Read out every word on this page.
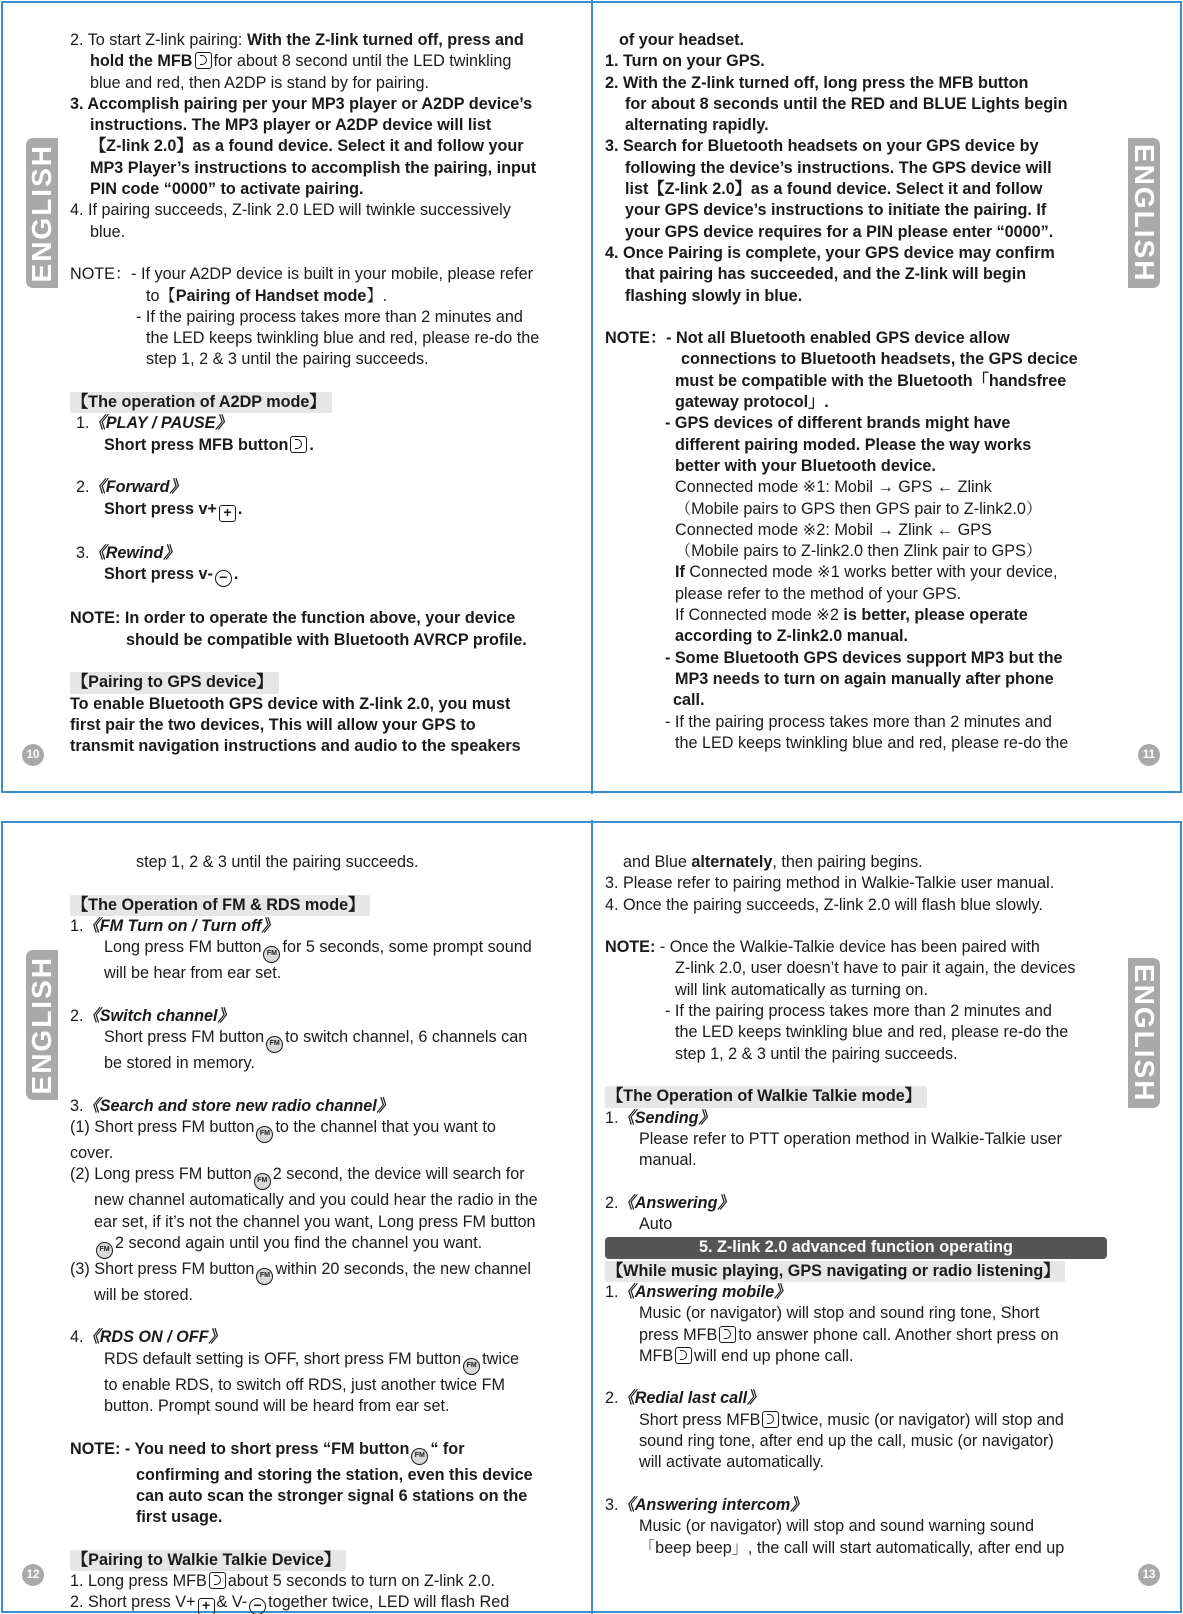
ENGLISH
10
2. To start Z-link pairing: With the Z-link turned off, press and
hold the MFB for about 8 second until the LED twinkling
blue and red, then A2DP is stand by for pairing.
3. Accomplish pairing per your MP3 player or A2DP device’s
instructions. The MP3 player or A2DP device will list
【Z-link 2.0】as a found device. Select it and follow your
MP3 Player’s instructions to accomplish the pairing, input
PIN code “0000” to activate pairing.
4. If pairing succeeds, Z-link 2.0 LED will twinkle successively
blue.
NOTE：- If your A2DP device is built in your mobile, please refer
to【Pairing of Handset mode】.
- If the pairing process takes more than 2 minutes and
the LED keeps twinkling blue and red, please re-do the
step 1, 2 & 3 until the pairing succeeds.
【The operation of A2DP mode】
1.《PLAY / PAUSE》
Short press MFB button .
2.《Forward》
Short press v+ + .
3.《Rewind》
Short press v- − .
NOTE: In order to operate the function above, your device
should be compatible with Bluetooth AVRCP profile.
【Pairing to GPS device】
To enable Bluetooth GPS device with Z-link 2.0, you must
first pair the two devices, This will allow your GPS to
transmit navigation instructions and audio to the speakers
ENGLISH
11
of your headset.
1. Turn on your GPS.
2. With the Z-link turned off, long press the MFB button
for about 8 seconds until the RED and BLUE Lights begin
alternating rapidly.
3. Search for Bluetooth headsets on your GPS device by
following the device’s instructions. The GPS device will
list【Z-link 2.0】as a found device. Select it and follow
your GPS device’s instructions to initiate the pairing. If
your GPS device requires for a PIN please enter “0000”.
4. Once Pairing is complete, your GPS device may confirm
that pairing has succeeded, and the Z-link will begin
flashing slowly in blue.
NOTE：- Not all Bluetooth enabled GPS device allow
connections to Bluetooth headsets, the GPS decice
must be compatible with the Bluetooth「handsfree
gateway protocol」.
- GPS devices of different brands might have
different pairing moded. Please the way works
better with your Bluetooth device.
Connected mode ※1: Mobil → GPS ← Zlink
（Mobile pairs to GPS then GPS pair to Z-link2.0）
Connected mode ※2: Mobil → Zlink ← GPS
（Mobile pairs to Z-link2.0 then Zlink pair to GPS）
If Connected mode ※1 works better with your device,
please refer to the method of your GPS.
If Connected mode ※2 is better, please operate
according to Z-link2.0 manual.
- Some Bluetooth GPS devices support MP3 but the
MP3 needs to turn on again manually after phone
call.
- If the pairing process takes more than 2 minutes and
the LED keeps twinkling blue and red, please re-do the
ENGLISH
12
step 1, 2 & 3 until the pairing succeeds.
【The Operation of FM & RDS mode】
1.《FM Turn on / Turn off》
Long press FM button FM for 5 seconds, some prompt sound
will be hear from ear set.
2.《Switch channel》
Short press FM button FM to switch channel, 6 channels can
be stored in memory.
3.《Search and store new radio channel》
(1) Short press FM button FM to the channel that you want to
cover.
(2) Long press FM button FM 2 second, the device will search for
new channel automatically and you could hear the radio in the
ear set, if it’s not the channel you want, Long press FM button
FM 2 second again until you find the channel you want.
(3) Short press FM button FM within 20 seconds, the new channel
will be stored.
4.《RDS ON / OFF》
RDS default setting is OFF, short press FM button FM twice
to enable RDS, to switch off RDS, just another twice FM
button. Prompt sound will be heard from ear set.
NOTE: - You need to short press “FM button FM “ for
confirming and storing the station, even this device
can auto scan the stronger signal 6 stations on the
first usage.
【Pairing to Walkie Talkie Device】
1. Long press MFB about 5 seconds to turn on Z-link 2.0.
2. Short press V+ + & V- − together twice, LED will flash Red
ENGLISH
13
and Blue alternately, then pairing begins.
3. Please refer to pairing method in Walkie-Talkie user manual.
4. Once the pairing succeeds, Z-link 2.0 will flash blue slowly.
NOTE: - Once the Walkie-Talkie device has been paired with
Z-link 2.0, user doesn’t have to pair it again, the devices
will link automatically as turning on.
- If the pairing process takes more than 2 minutes and
the LED keeps twinkling blue and red, please re-do the
step 1, 2 & 3 until the pairing succeeds.
【The Operation of Walkie Talkie mode】
1.《Sending》
Please refer to PTT operation method in Walkie-Talkie user
manual.
2.《Answering》
Auto
5. Z-link 2.0 advanced function operating
【While music playing, GPS navigating or radio listening】
1.《Answering mobile》
Music (or navigator) will stop and sound ring tone, Short
press MFB to answer phone call. Another short press on
MFB will end up phone call.
2.《Redial last call》
Short press MFB twice, music (or navigator) will stop and
sound ring tone, after end up the call, music (or navigator)
will activate automatically.
3.《Answering intercom》
Music (or navigator) will stop and sound warning sound
「beep beep」, the call will start automatically, after end up
